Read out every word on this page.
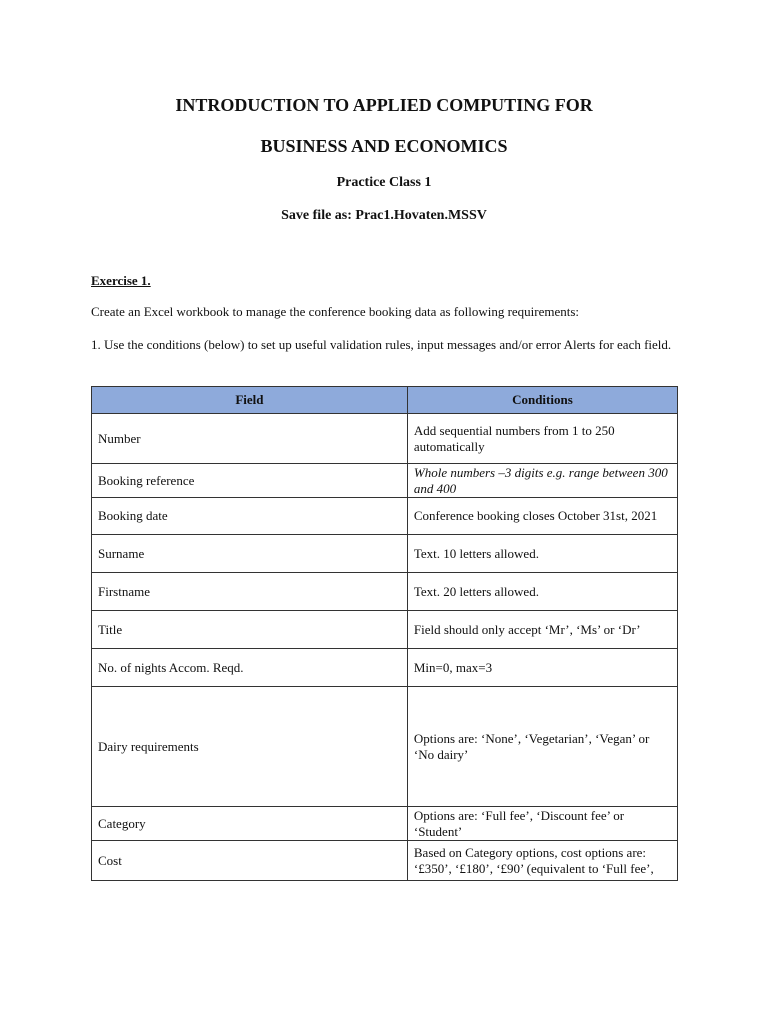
INTRODUCTION TO APPLIED COMPUTING FOR
BUSINESS AND ECONOMICS
Practice Class 1
Save file as: Prac1.Hovaten.MSSV
Exercise 1.
Create an Excel workbook to manage the conference booking data as following requirements:
1. Use the conditions (below) to set up useful validation rules, input messages and/or error Alerts for each field.
Field	Conditions
Number	Add sequential numbers from 1 to 250 automatically
Booking reference	Whole numbers –3 digits e.g. range between 300 and 400
Booking date	Conference booking closes October 31st, 2021
Surname	Text. 10 letters allowed.
Firstname	Text. 20 letters allowed.
Title	Field should only accept ‘Mr’, ‘Ms’ or ‘Dr’
No. of nights Accom. Reqd.	Min=0, max=3
Dairy requirements	Options are: ‘None’, ‘Vegetarian’, ‘Vegan’ or ‘No dairy’
Category	Options are: ‘Full fee’, ‘Discount fee’ or ‘Student’
Cost	Based on Category options, cost options are: ‘£350’, ‘£180’, ‘£90’ (equivalent to ‘Full fee’,
